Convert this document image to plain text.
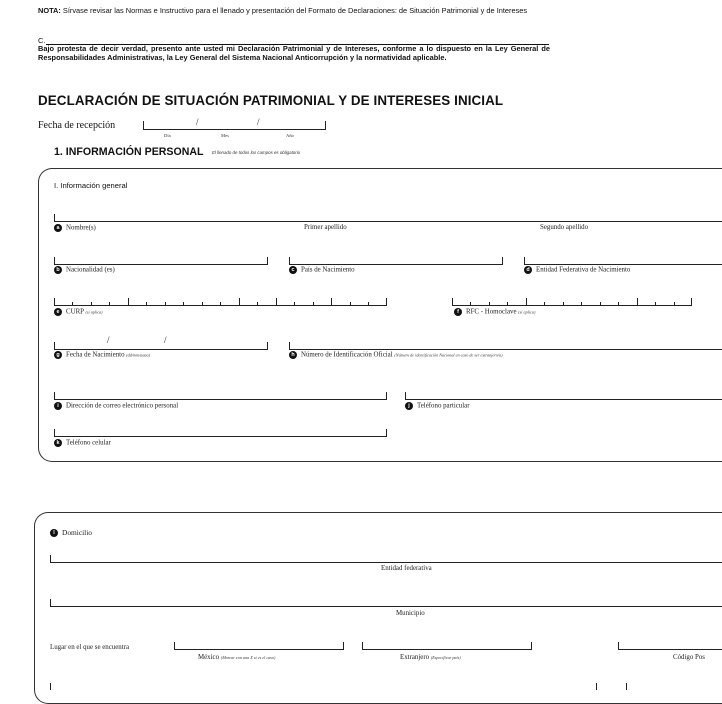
NOTA: Sírvase revisar las Normas e Instructivo para el llenado y presentación del Formato de Declaraciones: de Situación Patrimonial y de Intereses
C.
Bajo protesta de decir verdad, presento ante usted mi Declaración Patrimonial y de Intereses, conforme a lo dispuesto en la Ley General de Responsabilidades Administrativas, la Ley General del Sistema Nacional Anticorrupción y la normatividad aplicable.
DECLARACIÓN DE SITUACIÓN PATRIMONIAL Y DE INTERESES INICIAL
Fecha de recepción	/	/
Día	Mes	Año
1. INFORMACIÓN PERSONAL El llenado de todos los campos es obligatorio
I. Información general
a Nombre(s)	Primer apellido	Segundo apellido
b Nacionalidad (es)	c País de Nacimiento	d Entidad Federativa de Nacimiento
e CURP (si aplica)	f RFC - Homoclave (si aplica)
/	/
g Fecha de Nacimiento (dd/mm/aaaa)	h Número de Identificación Oficial (Número de identificación Nacional en caso de ser extranjero/a)
i Dirección de correo electrónico personal	j Teléfono particular
k Teléfono celular
l Domicilio
Entidad federativa
Municipio
Lugar en el que se encuentra
México (Marcar con una X si es el caso)	Extranjero (Especificar país)	Código Pos
